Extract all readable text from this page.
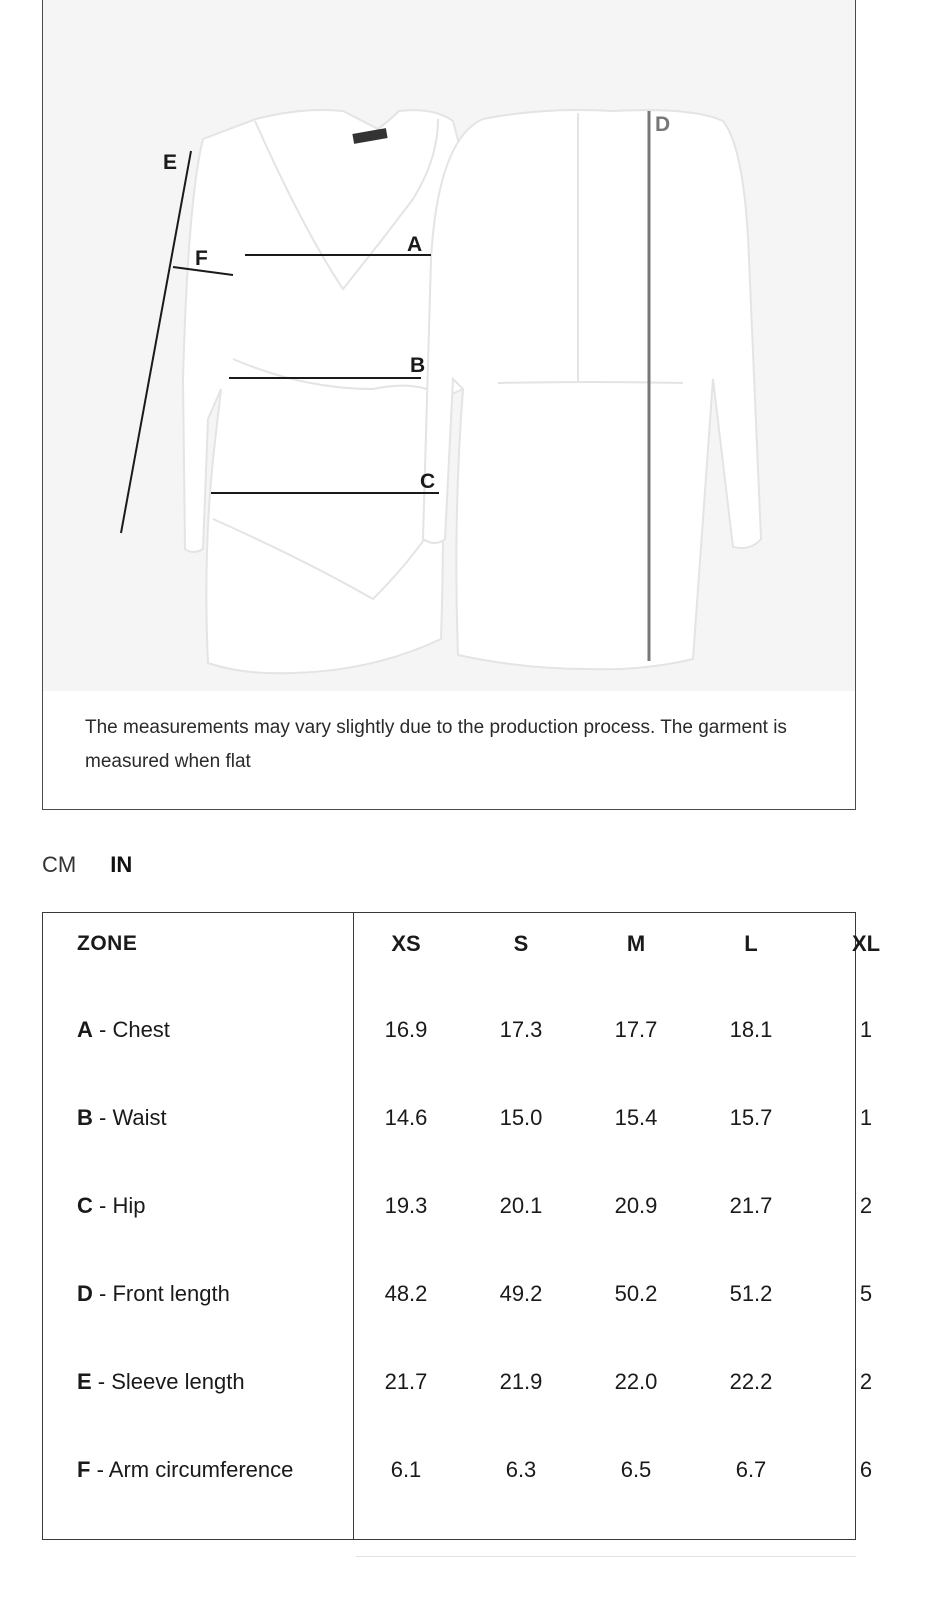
A
B
C
D
E
F

The measurements may vary slightly due to the production process. The garment is measured when flat

CM IN
ZONE	XS	S	M	L	XL
A - Chest	16.9	17.3	17.7	18.1	1
B - Waist	14.6	15.0	15.4	15.7	1
C - Hip	19.3	20.1	20.9	21.7	2
D - Front length	48.2	49.2	50.2	51.2	5
E - Sleeve length	21.7	21.9	22.0	22.2	2
F - Arm circumference	6.1	6.3	6.5	6.7	6
